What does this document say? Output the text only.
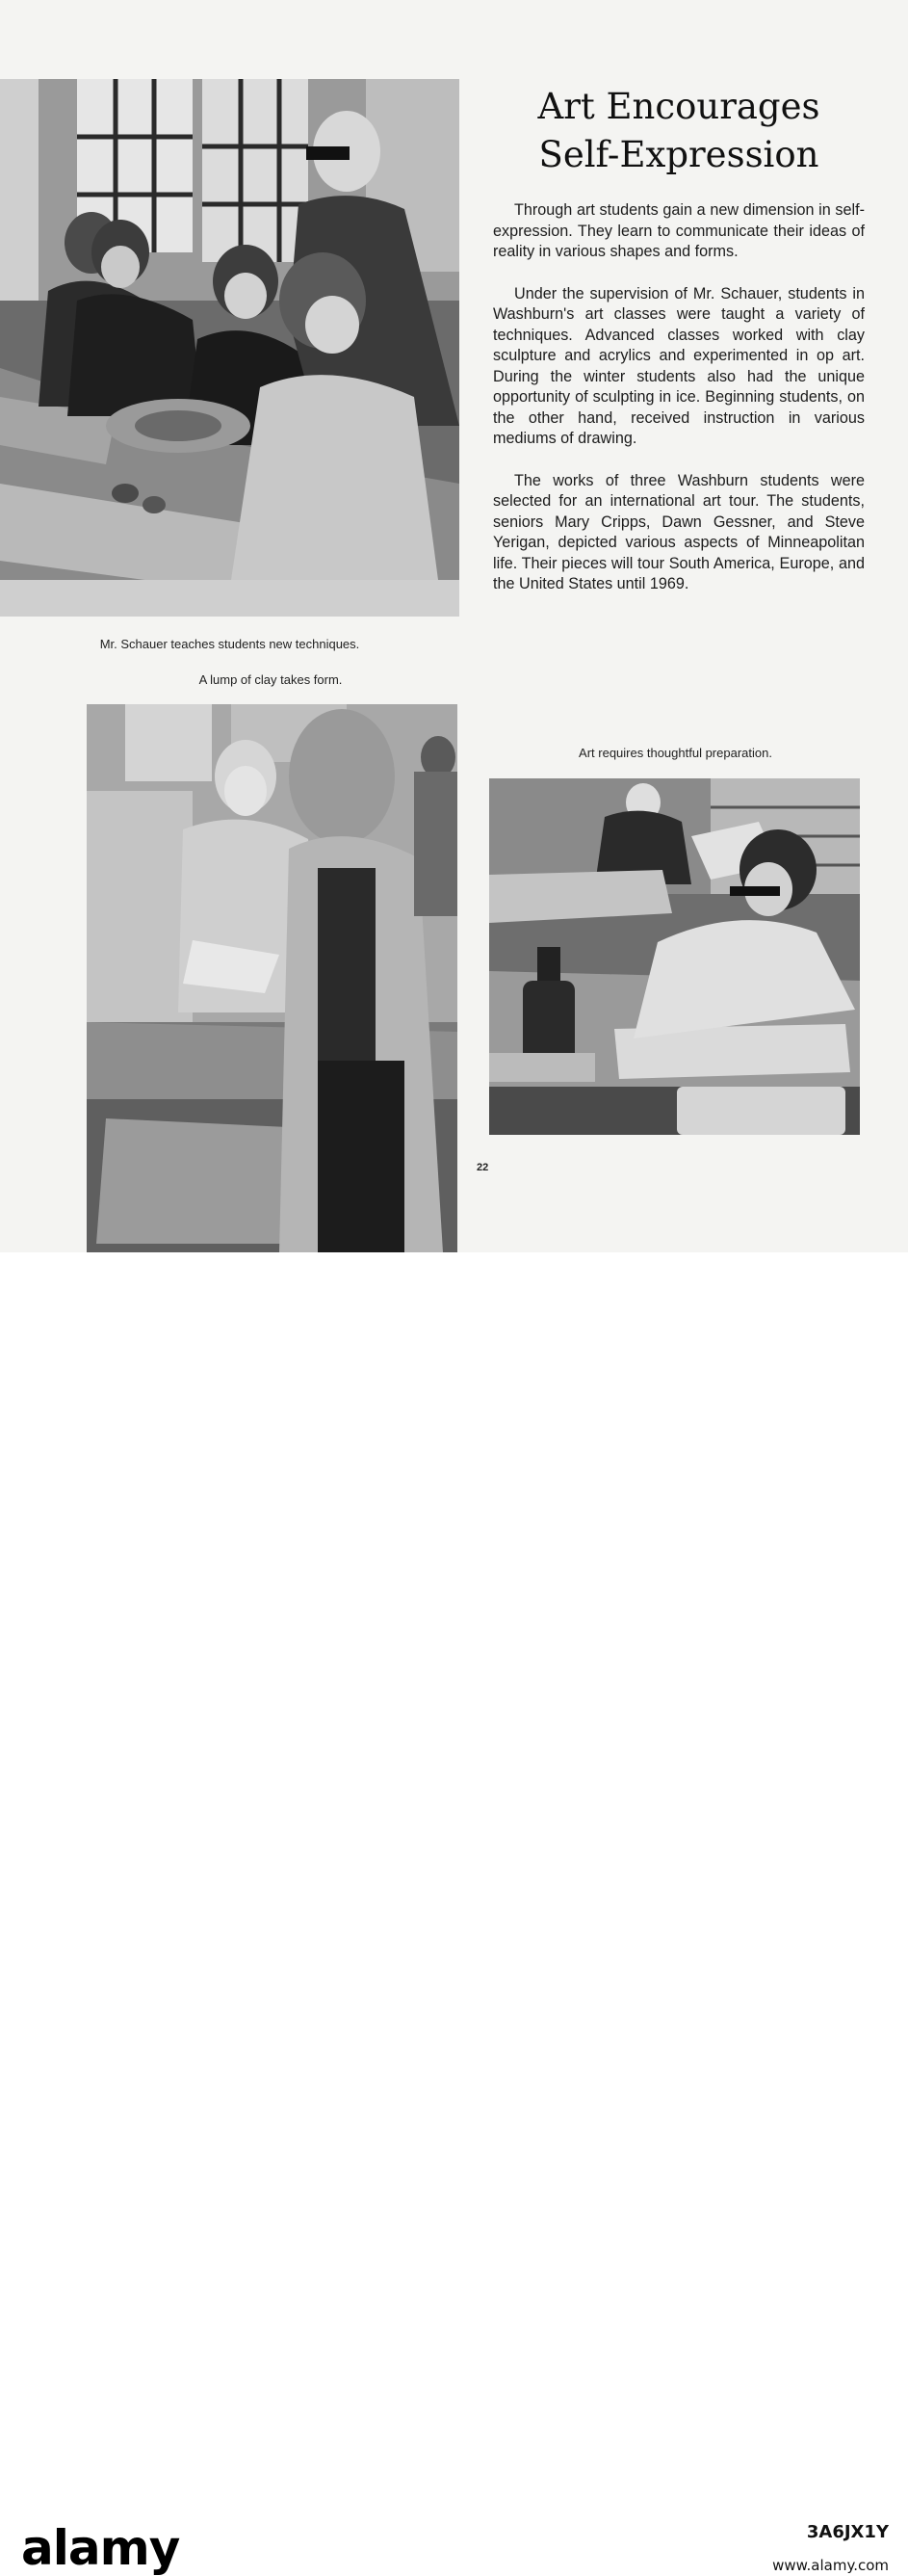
Art Encourages
Self-Expression

Through art students gain a new dimension in self-expression. They learn to communicate their ideas of reality in various shapes and forms.

Under the supervision of Mr. Schauer, students in Washburn's art classes were taught a variety of techniques. Advanced classes worked with clay sculpture and acrylics and experimented in op art. During the winter students also had the unique opportunity of sculpting in ice. Beginning students, on the other hand, received instruction in various mediums of drawing.

The works of three Washburn students were selected for an international art tour. The students, seniors Mary Cripps, Dawn Gessner, and Steve Yerigan, depicted various aspects of Minneapolitan life. Their pieces will tour South America, Europe, and the United States until 1969.

Mr. Schauer teaches students new techniques.
A lump of clay takes form.
Art requires thoughtful preparation.
22
alamy	3A6JX1Y
www.alamy.com
